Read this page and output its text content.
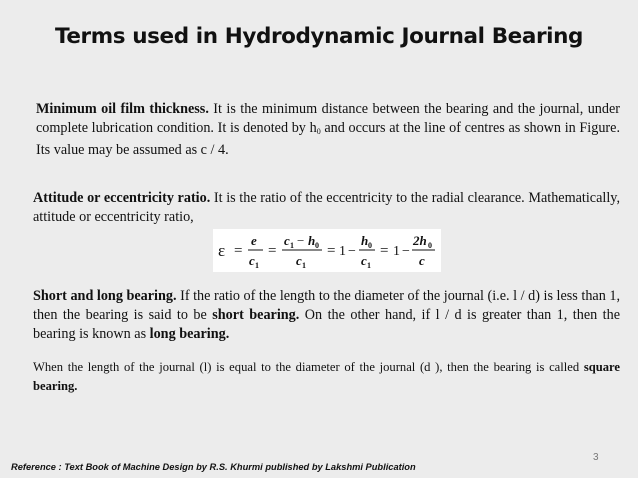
Terms used in Hydrodynamic Journal Bearing

Minimum oil film thickness. It is the minimum distance between the bearing and the journal, under complete lubrication condition. It is denoted by $h_0$ and occurs at the line of centres as shown in Figure. Its value may be assumed as c / 4.

Attitude or eccentricity ratio. It is the ratio of the eccentricity to the radial clearance. Mathematically, attitude or eccentricity ratio,

ε =
e
c 1
=
c 1 − h 0
c 1
= 1 −
h 0
c 1
= 1 −
2h 0
c

Short and long bearing. If the ratio of the length to the diameter of the journal (i.e. l / d) is less than 1, then the bearing is said to be short bearing. On the other hand, if l / d is greater than 1, then the bearing is known as long bearing.

When the length of the journal (l) is equal to the diameter of the journal (d ), then the bearing is called square bearing.

3
Reference : Text Book of Machine Design by R.S. Khurmi published by Lakshmi Publication
